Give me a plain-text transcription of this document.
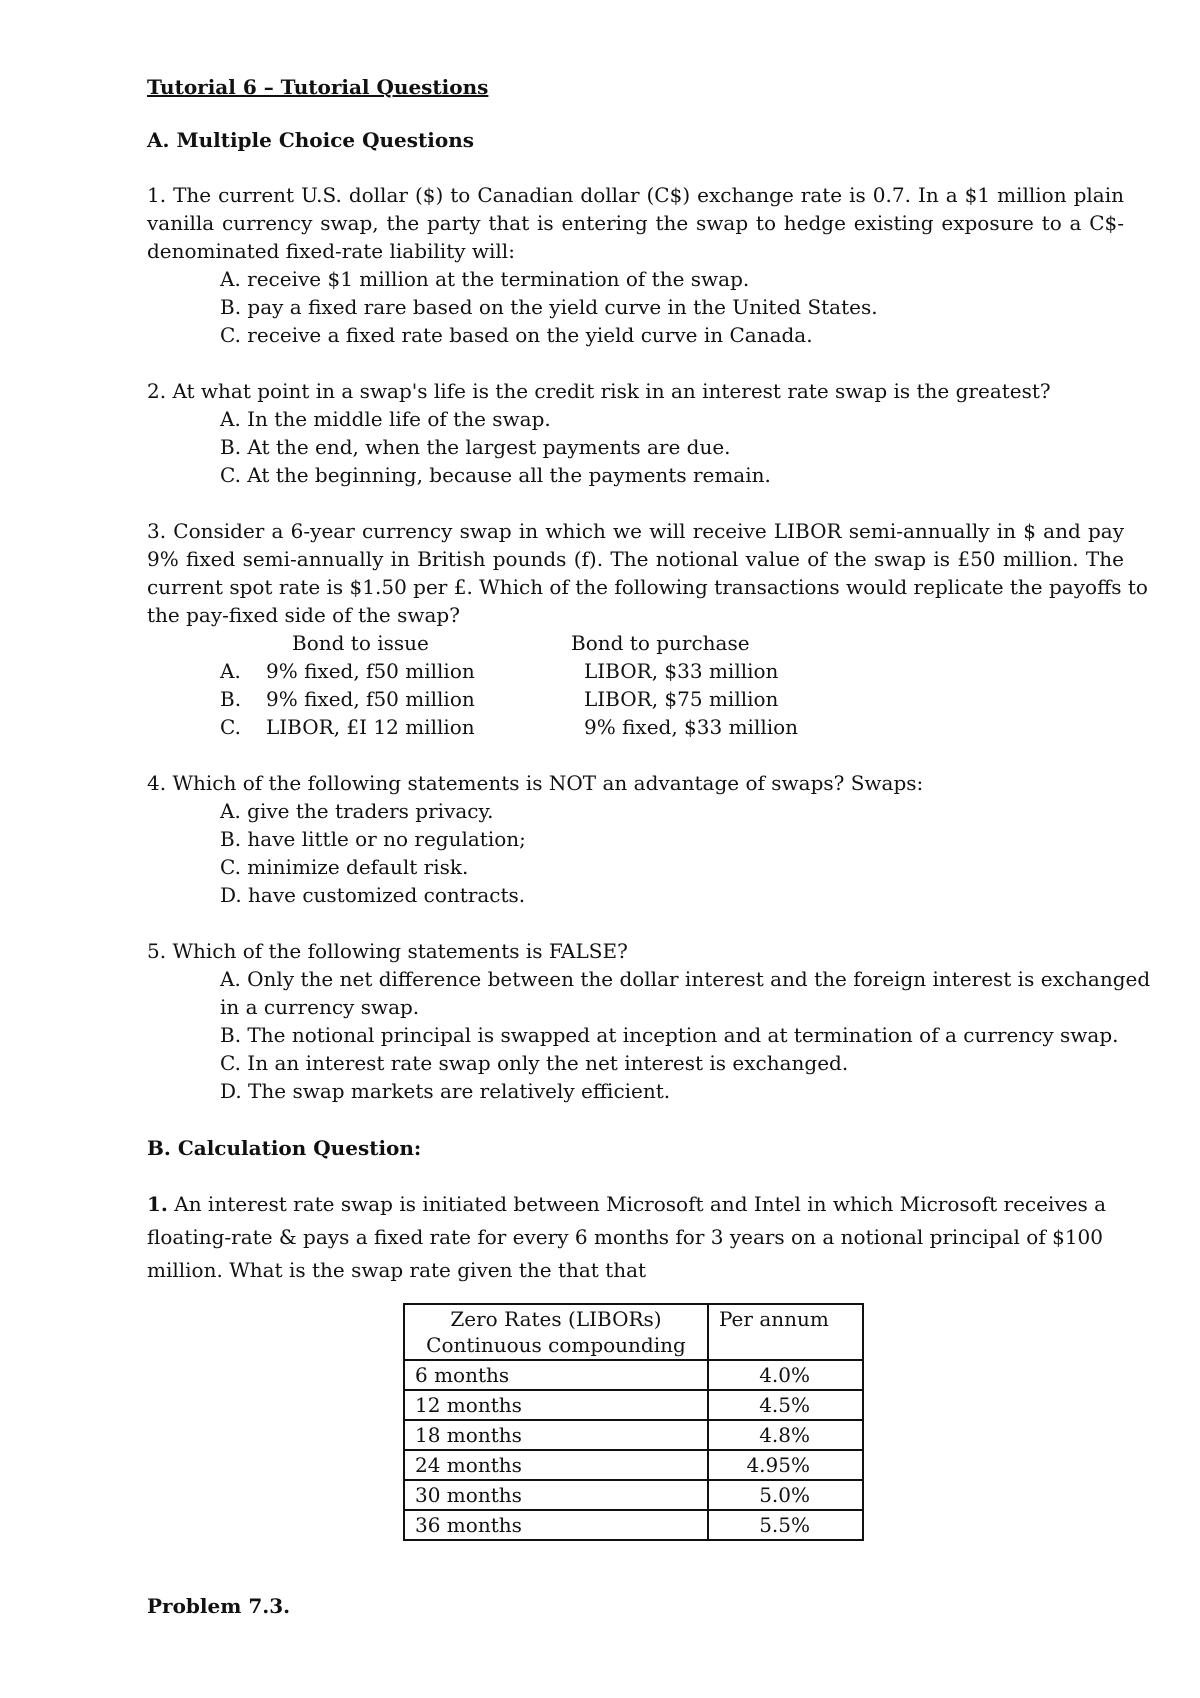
Tutorial 6 – Tutorial Questions
A. Multiple Choice Questions
1. The current U.S. dollar ($) to Canadian dollar (C$) exchange rate is 0.7. In a $1 million plain
vanilla currency swap, the party that is entering the swap to hedge existing exposure to a C$-
denominated fixed-rate liability will:
A. receive $1 million at the termination of the swap.
B. pay a fixed rare based on the yield curve in the United States.
C. receive a fixed rate based on the yield curve in Canada.
2. At what point in a swap's life is the credit risk in an interest rate swap is the greatest?
A. In the middle life of the swap.
B. At the end, when the largest payments are due.
C. At the beginning, because all the payments remain.
3. Consider a 6-year currency swap in which we will receive LIBOR semi-annually in $ and pay
9% fixed semi-annually in British pounds (f). The notional value of the swap is £50 million. The
current spot rate is $1.50 per £. Which of the following transactions would replicate the payoffs to
the pay-fixed side of the swap?
Bond to issue	Bond to purchase
A. 9% fixed, f50 million	LIBOR, $33 million
B. 9% fixed, f50 million	LIBOR, $75 million
C. LIBOR, £I 12 million	9% fixed, $33 million
4. Which of the following statements is NOT an advantage of swaps? Swaps:
A. give the traders privacy.
B. have little or no regulation;
C. minimize default risk.
D. have customized contracts.
5. Which of the following statements is FALSE?
A. Only the net difference between the dollar interest and the foreign interest is exchanged
in a currency swap.
B. The notional principal is swapped at inception and at termination of a currency swap.
C. In an interest rate swap only the net interest is exchanged.
D. The swap markets are relatively efficient.
B. Calculation Question:
1. An interest rate swap is initiated between Microsoft and Intel in which Microsoft receives a
floating-rate & pays a fixed rate for every 6 months for 3 years on a notional principal of $100
million. What is the swap rate given the that that
Zero Rates (LIBORs)
Continuous compounding	Per annum
6 months	4.0%
12 months	4.5%
18 months	4.8%
24 months	4.95%
30 months	5.0%
36 months	5.5%
Problem 7.3.
